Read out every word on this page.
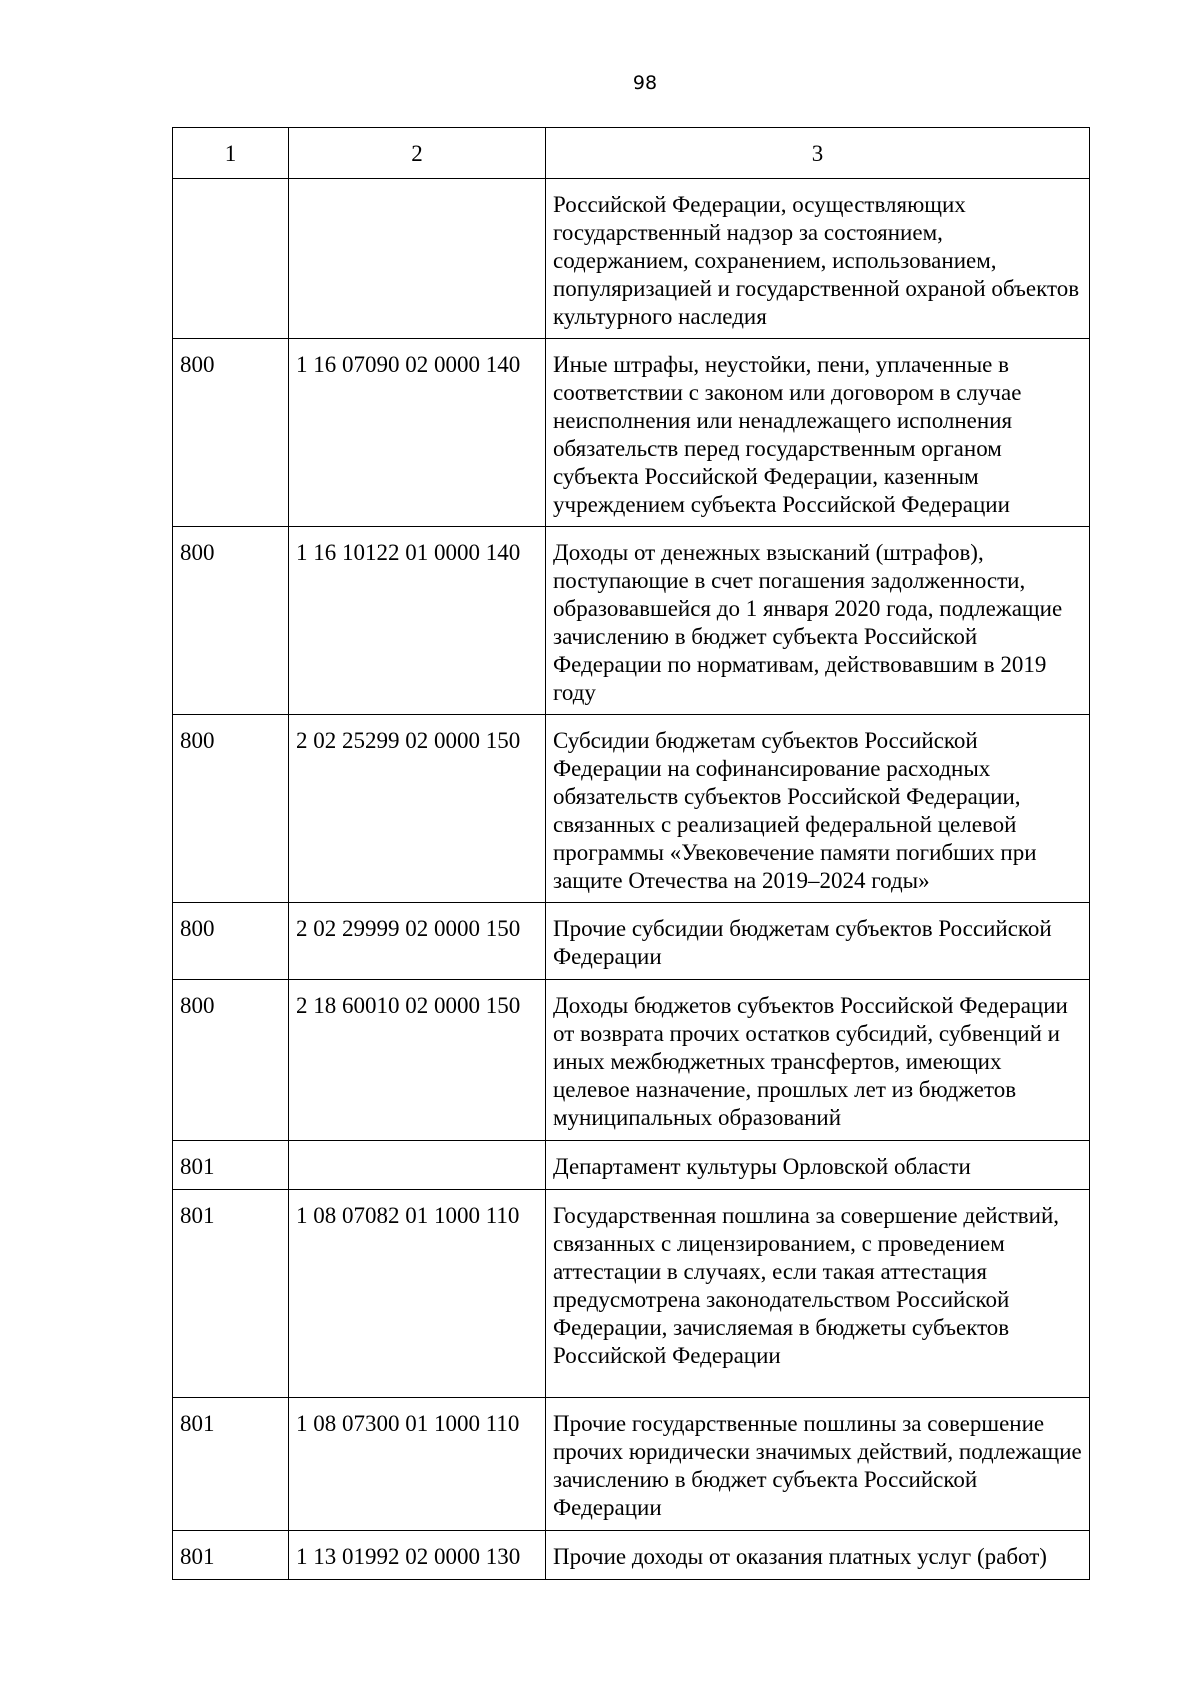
98
1	2	3
		Российской Федерации, осуществляющих государственный надзор за состоянием, содержанием, сохранением, использованием, популяризацией и государственной охраной объектов культурного наследия
800	1 16 07090 02 0000 140	Иные штрафы, неустойки, пени, уплаченные в соответствии с законом или договором в случае неисполнения или ненадлежащего исполнения обязательств перед государственным органом субъекта Российской Федерации, казенным учреждением субъекта Российской Федерации
800	1 16 10122 01 0000 140	Доходы от денежных взысканий (штрафов), поступающие в счет погашения задолженности, образовавшейся до 1 января 2020 года, подлежащие зачислению в бюджет субъекта Российской Федерации по нормативам, действовавшим в 2019 году
800	2 02 25299 02 0000 150	Субсидии бюджетам субъектов Российской Федерации на софинансирование расходных обязательств субъектов Российской Федерации, связанных с реализацией федеральной целевой программы «Увековечение памяти погибших при защите Отечества на 2019–2024 годы»
800	2 02 29999 02 0000 150	Прочие субсидии бюджетам субъектов Российской Федерации
800	2 18 60010 02 0000 150	Доходы бюджетов субъектов Российской Федерации от возврата прочих остатков субсидий, субвенций и иных межбюджетных трансфертов, имеющих целевое назначение, прошлых лет из бюджетов муниципальных образований
801		Департамент культуры Орловской области
801	1 08 07082 01 1000 110	Государственная пошлина за совершение действий, связанных с лицензированием, с проведением аттестации в случаях, если такая аттестация предусмотрена законодательством Российской Федерации, зачисляемая в бюджеты субъектов Российской Федерации
801	1 08 07300 01 1000 110	Прочие государственные пошлины за совершение прочих юридически значимых действий, подлежащие зачислению в бюджет субъекта Российской Федерации
801	1 13 01992 02 0000 130	Прочие доходы от оказания платных услуг (работ)
